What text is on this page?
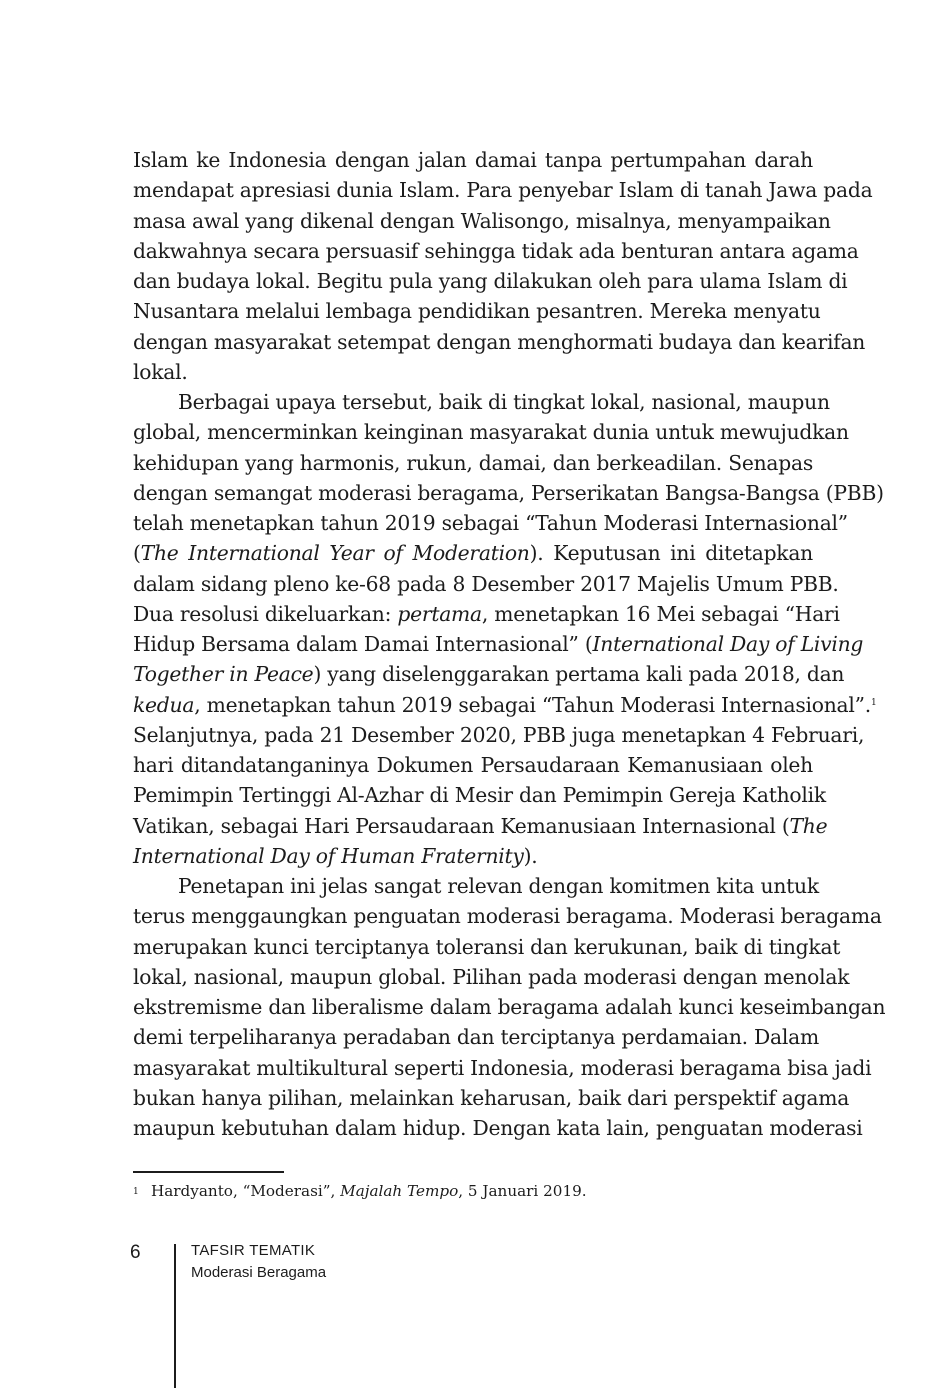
Islam ke Indonesia dengan jalan damai tanpa pertumpahan darah
mendapat apresiasi dunia Islam. Para penyebar Islam di tanah Jawa pada
masa awal yang dikenal dengan Walisongo, misalnya, menyampaikan
dakwahnya secara persuasif sehingga tidak ada benturan antara agama
dan budaya lokal. Begitu pula yang dilakukan oleh para ulama Islam di
Nusantara melalui lembaga pendidikan pesantren. Mereka menyatu
dengan masyarakat setempat dengan menghormati budaya dan kearifan
lokal.
Berbagai upaya tersebut, baik di tingkat lokal, nasional, maupun
global, mencerminkan keinginan masyarakat dunia untuk mewujudkan
kehidupan yang harmonis, rukun, damai, dan berkeadilan. Senapas
dengan semangat moderasi beragama, Perserikatan Bangsa-Bangsa (PBB)
telah menetapkan tahun 2019 sebagai “Tahun Moderasi Internasional”
(The International Year of Moderation). Keputusan ini ditetapkan
dalam sidang pleno ke-68 pada 8 Desember 2017 Majelis Umum PBB.
Dua resolusi dikeluarkan: pertama, menetapkan 16 Mei sebagai “Hari
Hidup Bersama dalam Damai Internasional” (International Day of Living
Together in Peace) yang diselenggarakan pertama kali pada 2018, dan
kedua, menetapkan tahun 2019 sebagai “Tahun Moderasi Internasional”.$^1$
Selanjutnya, pada 21 Desember 2020, PBB juga menetapkan 4 Februari,
hari ditandatanganinya Dokumen Persaudaraan Kemanusiaan oleh
Pemimpin Tertinggi Al-Azhar di Mesir dan Pemimpin Gereja Katholik
Vatikan, sebagai Hari Persaudaraan Kemanusiaan Internasional (The
International Day of Human Fraternity).
Penetapan ini jelas sangat relevan dengan komitmen kita untuk
terus menggaungkan penguatan moderasi beragama. Moderasi beragama
merupakan kunci terciptanya toleransi dan kerukunan, baik di tingkat
lokal, nasional, maupun global. Pilihan pada moderasi dengan menolak
ekstremisme dan liberalisme dalam beragama adalah kunci keseimbangan
demi terpeliharanya peradaban dan terciptanya perdamaian. Dalam
masyarakat multikultural seperti Indonesia, moderasi beragama bisa jadi
bukan hanya pilihan, melainkan keharusan, baik dari perspektif agama
maupun kebutuhan dalam hidup. Dengan kata lain, penguatan moderasi
1 Hardyanto, “Moderasi”, Majalah Tempo, 5 Januari 2019.
6	TAFSIR TEMATIK
Moderasi Beragama
